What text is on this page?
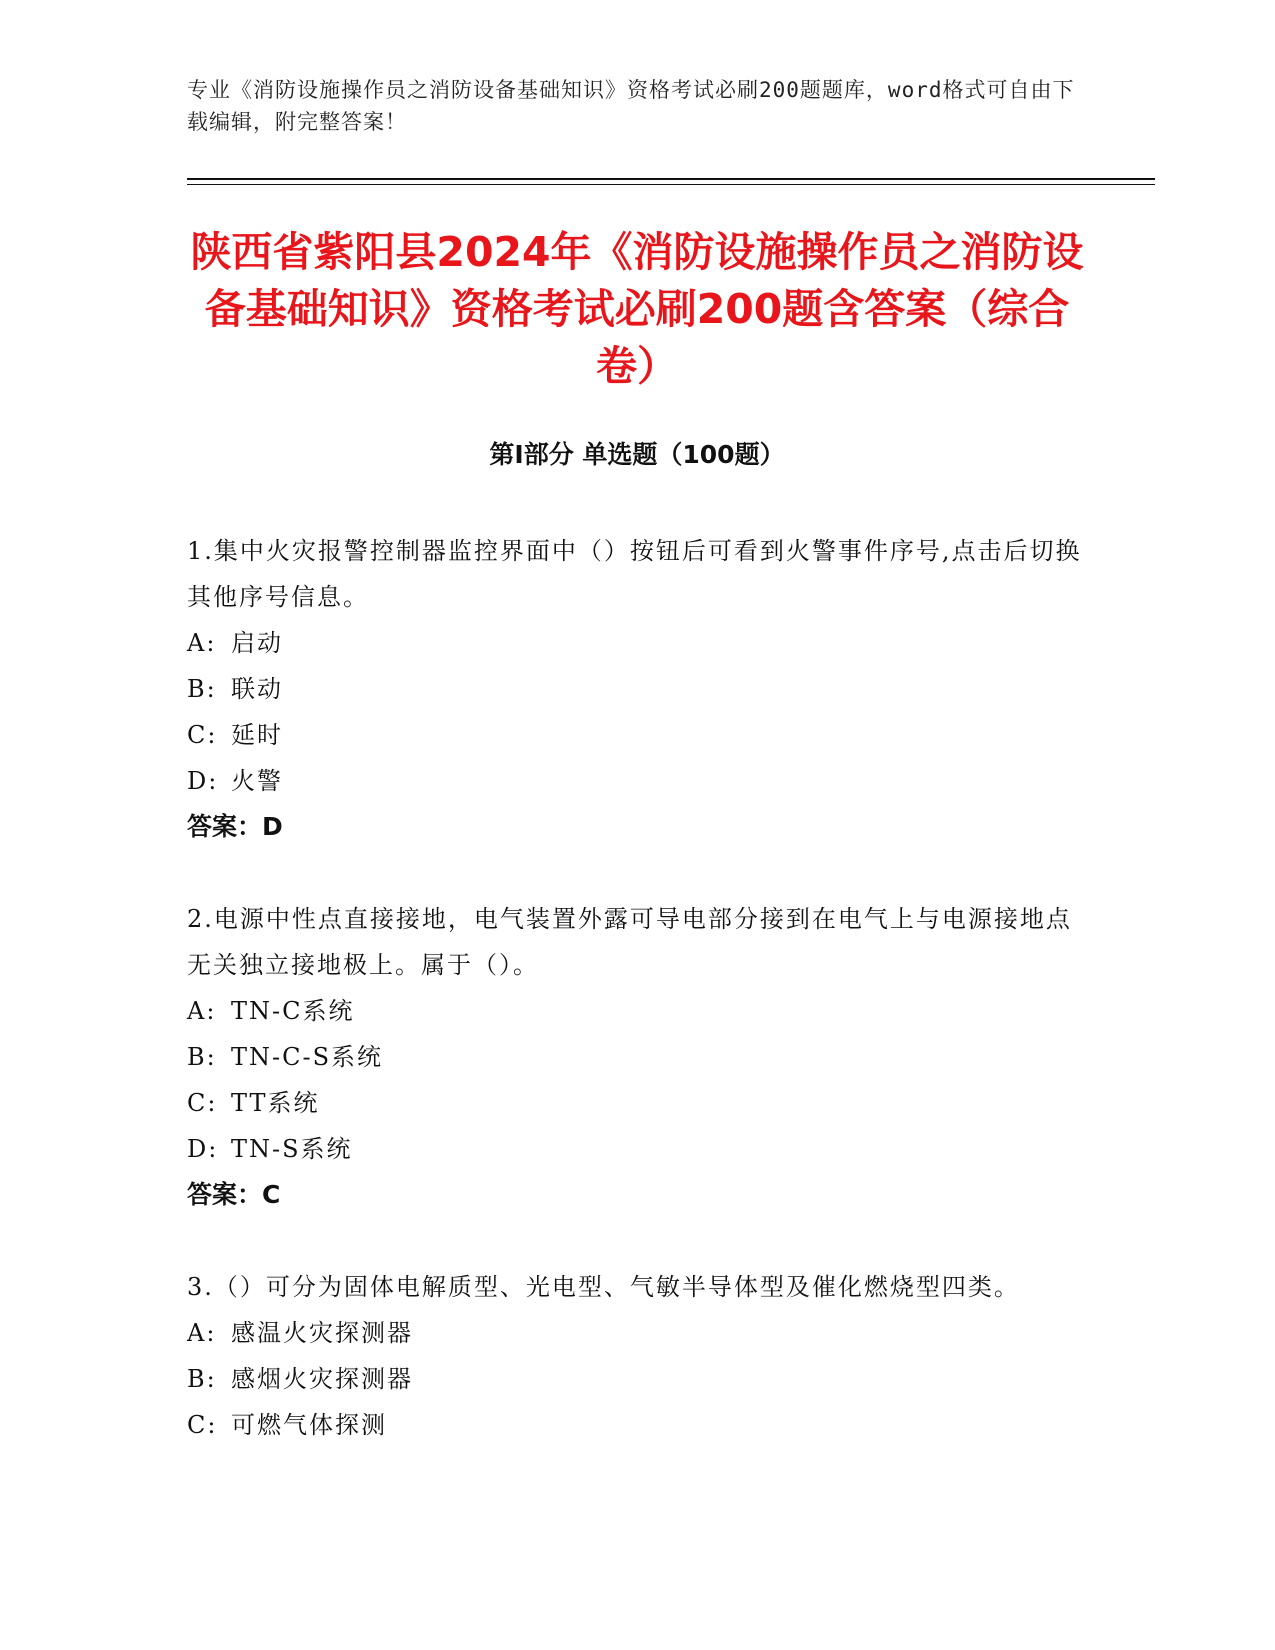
专业《消防设施操作员之消防设备基础知识》资格考试必刷200题题库，word格式可自由下载编辑，附完整答案！
陕西省紫阳县2024年《消防设施操作员之消防设备基础知识》资格考试必刷200题含答案（综合卷）
第Ⅰ部分 单选题（100题）

1.集中火灾报警控制器监控界面中（）按钮后可看到火警事件序号,点击后切换其他序号信息。

A: 启动

B: 联动

C: 延时

D: 火警

答案：D

2.电源中性点直接接地，电气装置外露可导电部分接到在电气上与电源接地点无关独立接地极上。属于（）。

A: TN-C系统

B: TN-C-S系统

C: TT系统

D: TN-S系统

答案：C

3.（）可分为固体电解质型、光电型、气敏半导体型及催化燃烧型四类。

A: 感温火灾探测器

B: 感烟火灾探测器

C: 可燃气体探测
